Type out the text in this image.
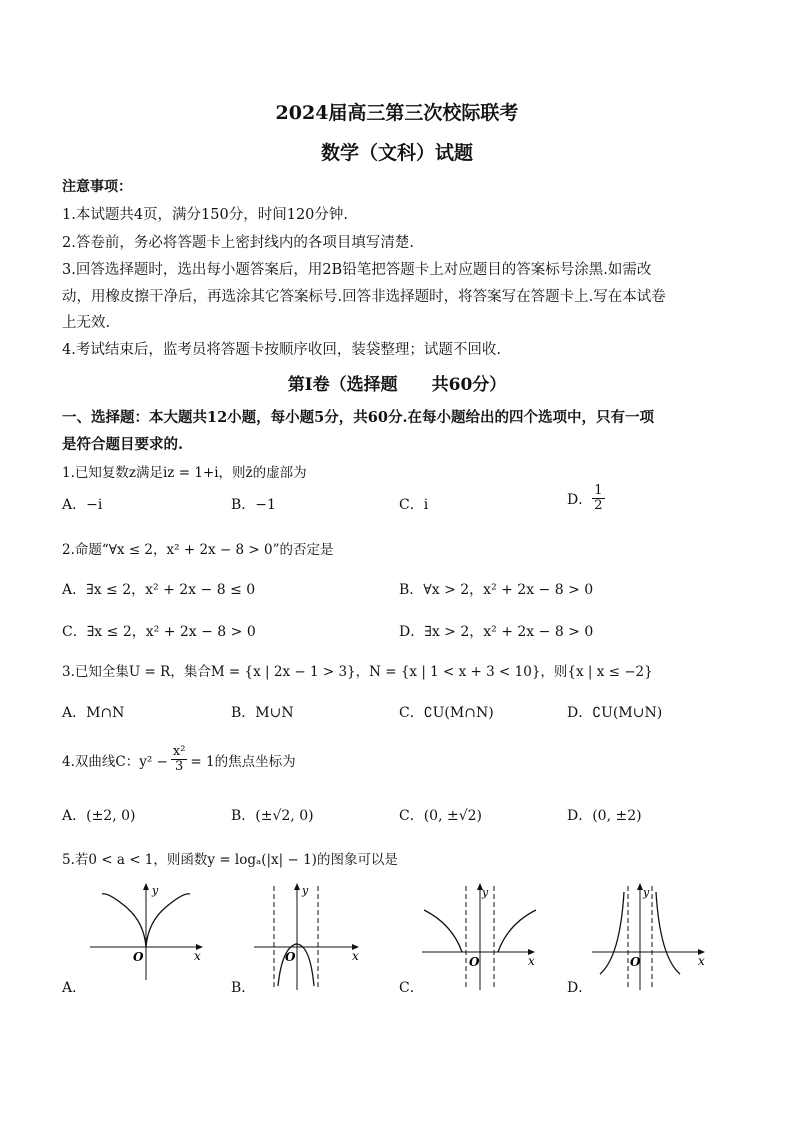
2024届高三第三次校际联考
数学（文科）试题
注意事项：
1.本试题共4页，满分150分，时间120分钟.
2.答卷前，务必将答题卡上密封线内的各项目填写清楚.
3.回答选择题时，选出每小题答案后，用2B铅笔把答题卡上对应题目的答案标号涂黑.如需改
动，用橡皮擦干净后，再选涂其它答案标号.回答非选择题时，将答案写在答题卡上.写在本试卷
上无效.
4.考试结束后，监考员将答题卡按顺序收回，装袋整理；试题不回收.
第Ⅰ卷（选择题　　共60分）
一、选择题：本大题共12小题，每小题5分，共60分.在每小题给出的四个选项中，只有一项
是符合题目要求的.
1.已知复数z满足iz = 1+i，则z̄的虚部为
A．−i	B．−1	C．i	D． $\frac{1}{2}$
2.命题“∀x ≤ 2，x² + 2x − 8 > 0”的否定是
A．∃x ≤ 2，x² + 2x − 8 ≤ 0	B．∀x > 2，x² + 2x − 8 > 0
C．∃x ≤ 2，x² + 2x − 8 > 0	D．∃x > 2，x² + 2x − 8 > 0
3.已知全集U = R，集合M = {x | 2x − 1 > 3}，N = {x | 1 < x + 3 < 10}，则{x | x ≤ −2}
A．M∩N	B．M∪N	C．∁U(M∩N)	D．∁U(M∪N)
4.双曲线C：$y^2 - \frac{\text{x²}}{3} = 1$的焦点坐标为
A．(±2, 0)	B．(±√2, 0)	C．(0, ±√2)	D．(0, ±2)
5.若0 < a < 1，则函数y = logₐ(|x| − 1)的图象可以是
y
x
O
A．
y
x
O
B．
y
x
O
C．
y
x
O
D．
